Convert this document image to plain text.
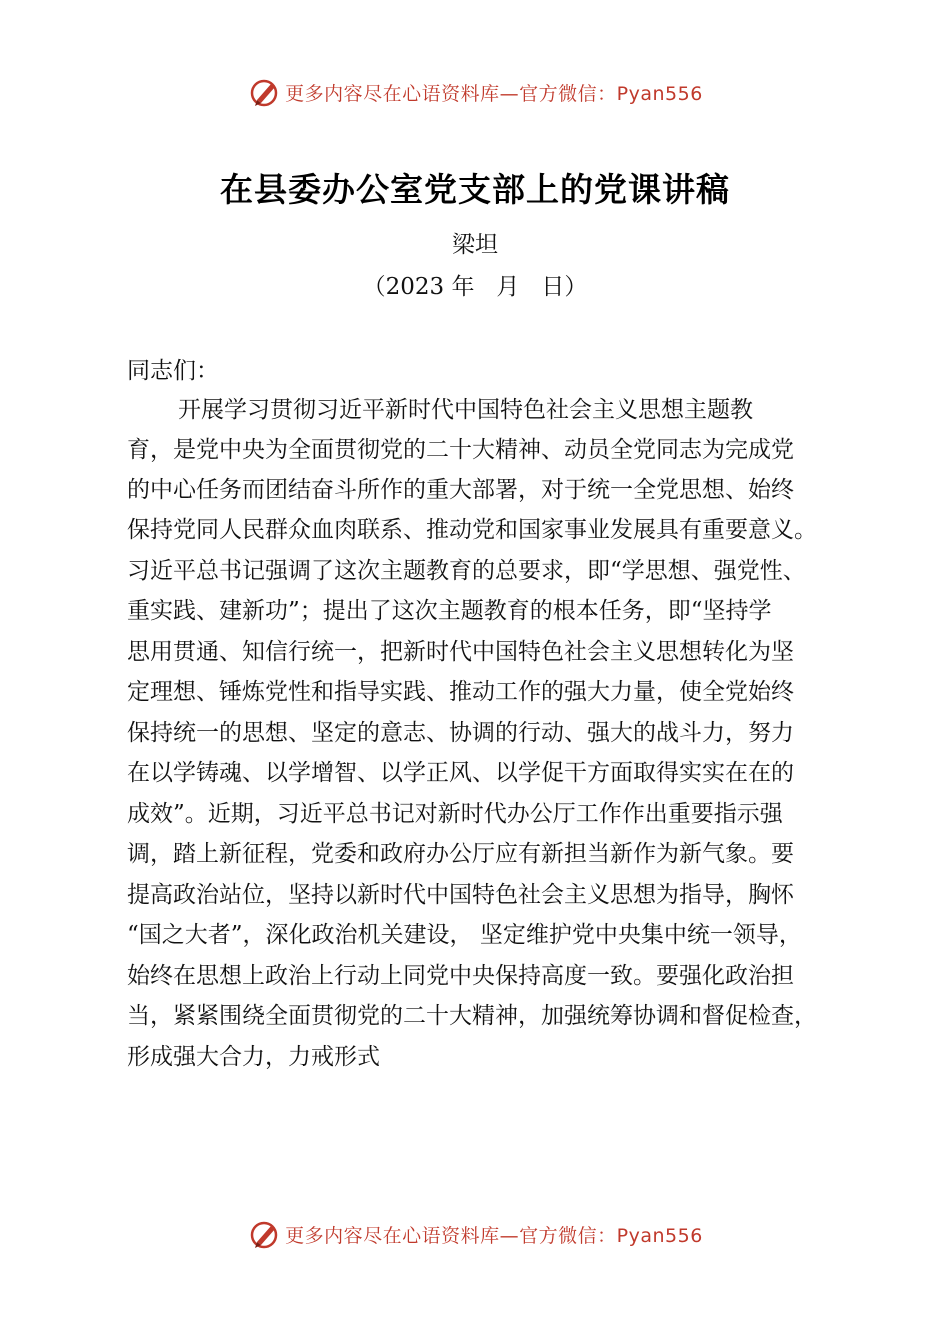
更多内容尽在心语资料库—官方微信：Pyan556
在县委办公室党支部上的党课讲稿
梁坦
（2023 年   月   日）
同志们：
开展学习贯彻习近平新时代中国特色社会主义思想主题教
育，是党中央为全面贯彻党的二十大精神、动员全党同志为完成党
的中心任务而团结奋斗所作的重大部署，对于统一全党思想、始终
保持党同人民群众血肉联系、推动党和国家事业发展具有重要意义。
习近平总书记强调了这次主题教育的总要求，即“学思想、强党性、
重实践、建新功”；提出了这次主题教育的根本任务，即“坚持学
思用贯通、知信行统一，把新时代中国特色社会主义思想转化为坚
定理想、锤炼党性和指导实践、推动工作的强大力量，使全党始终
保持统一的思想、坚定的意志、协调的行动、强大的战斗力，努力
在以学铸魂、以学增智、以学正风、以学促干方面取得实实在在的
成效”。近期，习近平总书记对新时代办公厅工作作出重要指示强
调，踏上新征程，党委和政府办公厅应有新担当新作为新气象。要
提高政治站位，坚持以新时代中国特色社会主义思想为指导，胸怀
“国之大者”，深化政治机关建设， 坚定维护党中央集中统一领导，
始终在思想上政治上行动上同党中央保持高度一致。要强化政治担
当，紧紧围绕全面贯彻党的二十大精神，加强统筹协调和督促检查，
形成强大合力，力戒形式
更多内容尽在心语资料库—官方微信：Pyan556
